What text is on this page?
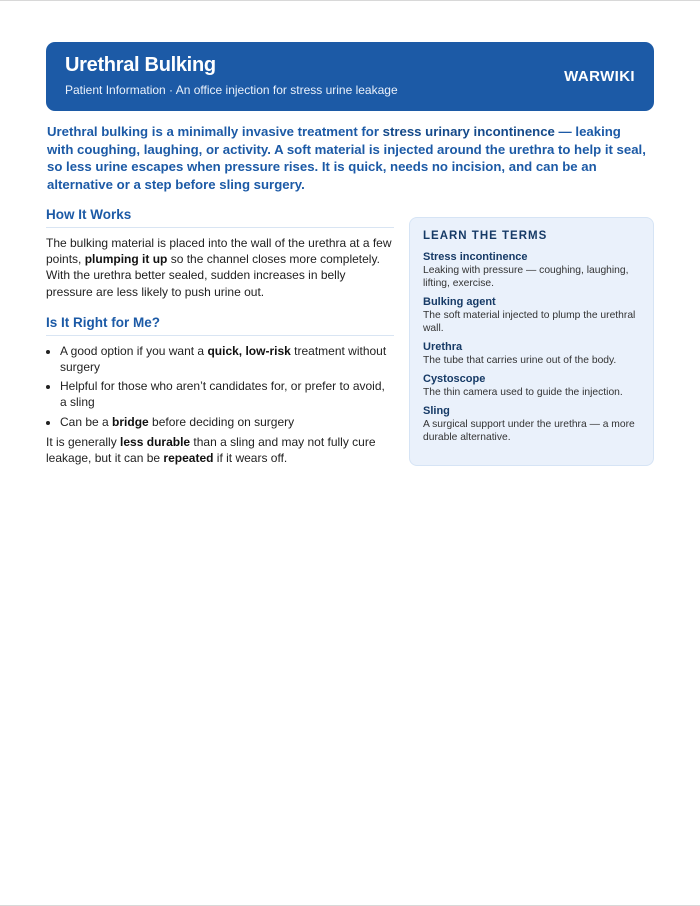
Urethral Bulking
Patient Information · An office injection for stress urine leakage
WARWIKI
Urethral bulking is a minimally invasive treatment for stress urinary incontinence — leaking with coughing, laughing, or activity. A soft material is injected around the urethra to help it seal, so less urine escapes when pressure rises. It is quick, needs no incision, and can be an alternative or a step before sling surgery.
How It Works

The bulking material is placed into the wall of the urethra at a few points, plumping it up so the channel closes more completely. With the urethra better sealed, sudden increases in belly pressure are less likely to push urine out.

Is It Right for Me?
• A good option if you want a quick, low-risk treatment without surgery
• Helpful for those who aren’t candidates for, or prefer to avoid, a sling
• Can be a bridge before deciding on surgery

It is generally less durable than a sling and may not fully cure leakage, but it can be repeated if it wears off.

LEARN THE TERMS
Stress incontinence
Leaking with pressure — coughing, laughing, lifting, exercise.
Bulking agent
The soft material injected to plump the urethral wall.
Urethra
The tube that carries urine out of the body.
Cystoscope
The thin camera used to guide the injection.
Sling
A surgical support under the urethra — a more durable alternative.
